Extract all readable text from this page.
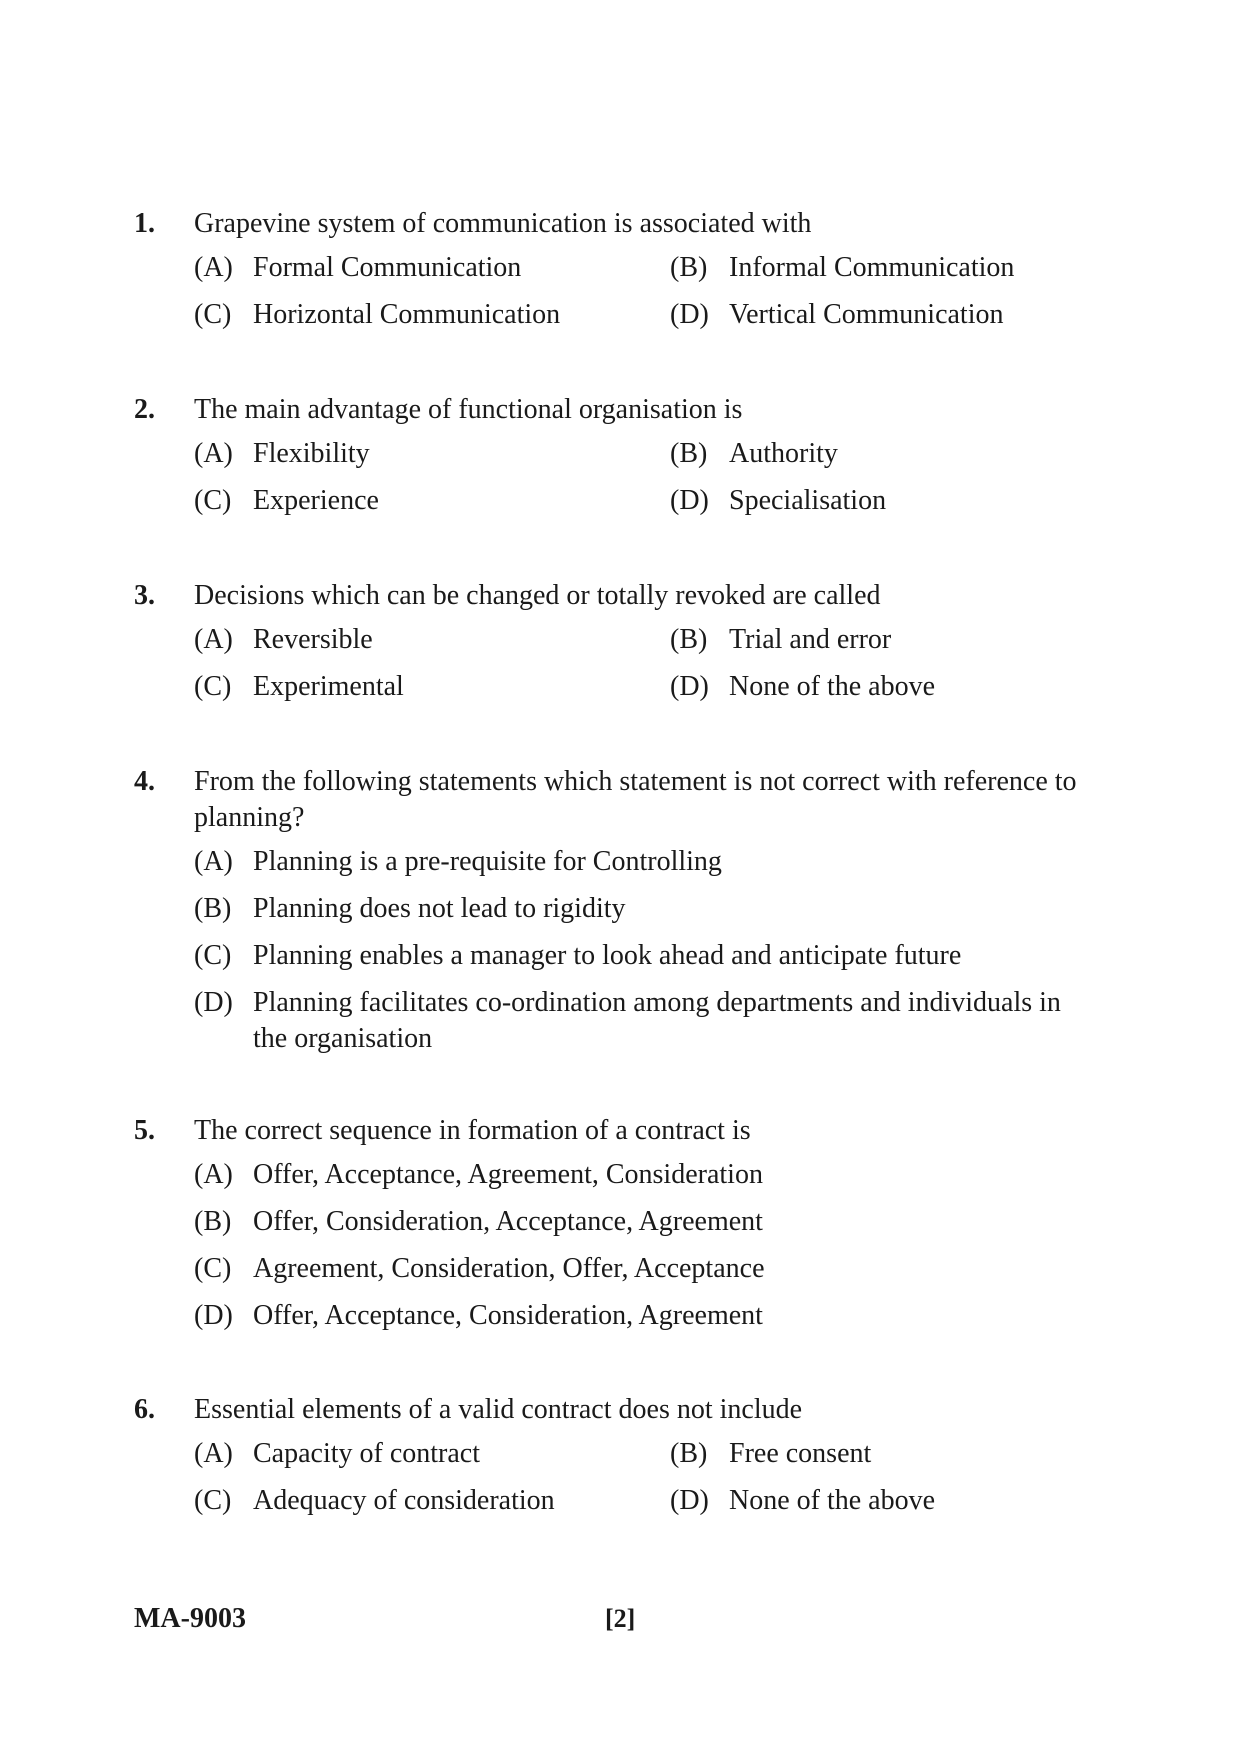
1. Grapevine system of communication is associated with
(A) Formal Communication	(B) Informal Communication
(C) Horizontal Communication	(D) Vertical Communication
2. The main advantage of functional organisation is
(A) Flexibility	(B) Authority
(C) Experience	(D) Specialisation
3. Decisions which can be changed or totally revoked are called
(A) Reversible	(B) Trial and error
(C) Experimental	(D) None of the above
4. From the following statements which statement is not correct with reference to planning?
(A) Planning is a pre-requisite for Controlling
(B) Planning does not lead to rigidity
(C) Planning enables a manager to look ahead and anticipate future
(D) Planning facilitates co-ordination among departments and individuals in the organisation
5. The correct sequence in formation of a contract is
(A) Offer, Acceptance, Agreement, Consideration
(B) Offer, Consideration, Acceptance, Agreement
(C) Agreement, Consideration, Offer, Acceptance
(D) Offer, Acceptance, Consideration, Agreement
6. Essential elements of a valid contract does not include
(A) Capacity of contract	(B) Free consent
(C) Adequacy of consideration	(D) None of the above
MA-9003	[2]
